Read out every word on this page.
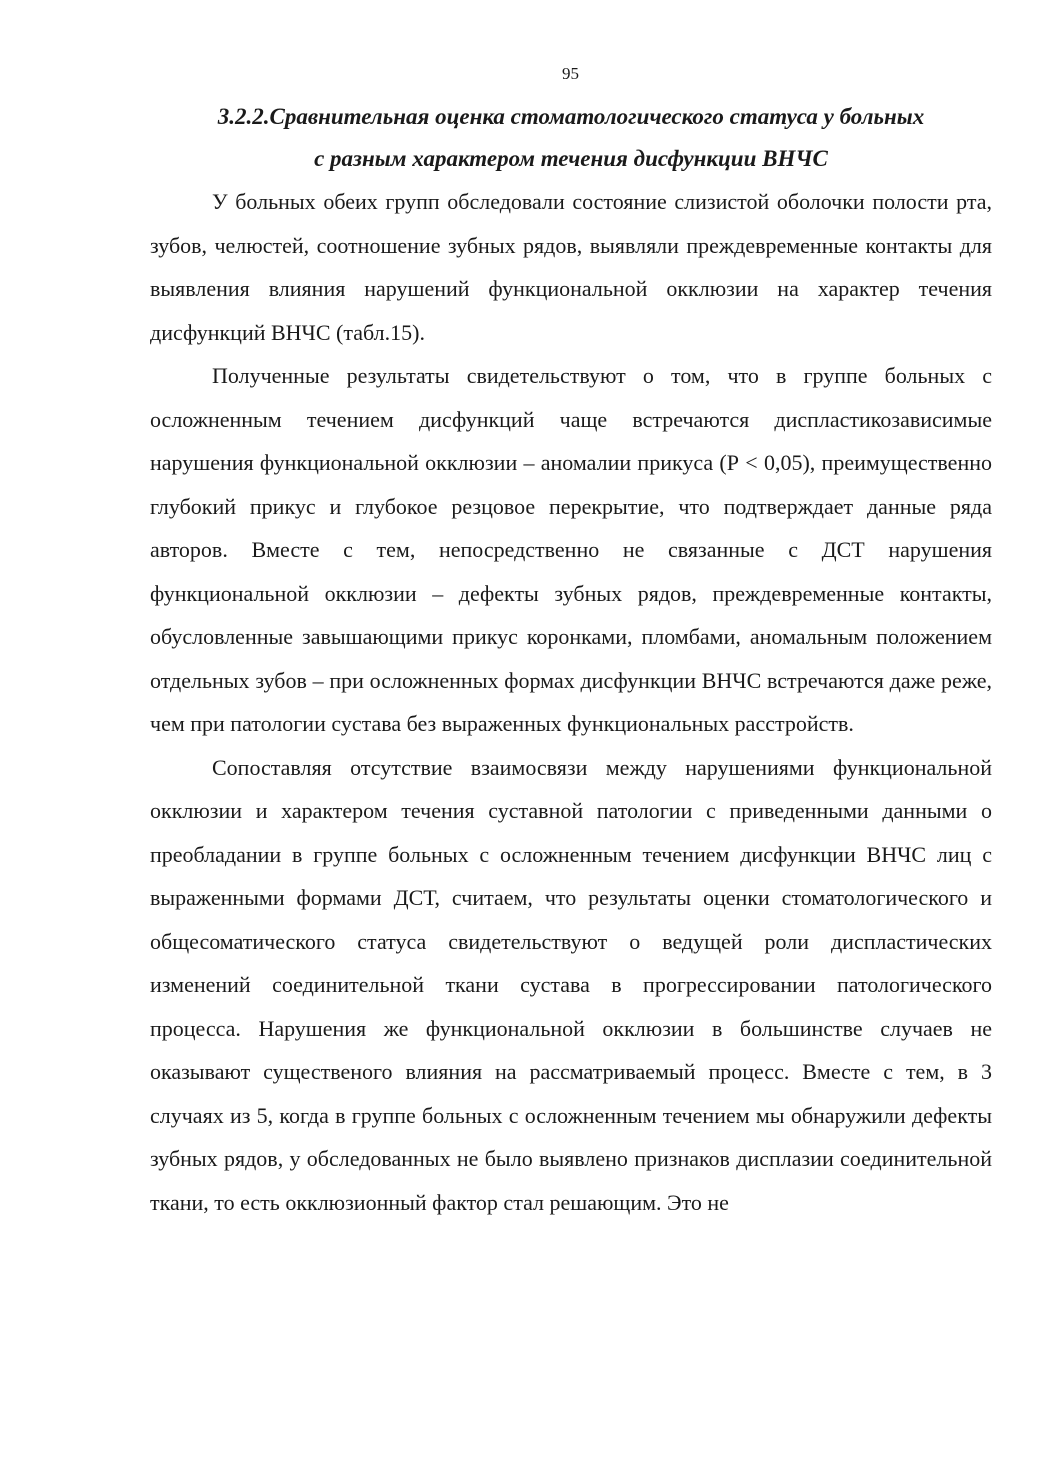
95
3.2.2.Сравнительная оценка стоматологического статуса у больных
с разным характером течения дисфункции ВНЧС

У больных обеих групп обследовали состояние слизистой оболочки полости рта, зубов, челюстей, соотношение зубных рядов, выявляли преждевременные контакты для выявления влияния нарушений функциональной окклюзии на характер течения дисфункций ВНЧС (табл.15).

Полученные результаты свидетельствуют о том, что в группе больных с осложненным течением дисфункций чаще встречаются диспластикозависимые нарушения функциональной окклюзии – аномалии прикуса (Р < 0,05), преимущественно глубокий прикус и глубокое резцовое перекрытие, что подтверждает данные ряда авторов. Вместе с тем, непосредственно не связанные с ДСТ нарушения функциональной окклюзии – дефекты зубных рядов, преждевременные контакты, обусловленные завышающими прикус коронками, пломбами, аномальным положением отдельных зубов – при осложненных формах дисфункции ВНЧС встречаются даже реже, чем при патологии сустава без выраженных функциональных расстройств.

Сопоставляя отсутствие взаимосвязи между нарушениями функциональной окклюзии и характером течения суставной патологии с приведенными данными о преобладании в группе больных с осложненным течением дисфункции ВНЧС лиц с выраженными формами ДСТ, считаем, что результаты оценки стоматологического и общесоматического статуса свидетельствуют о ведущей роли диспластических изменений соединительной ткани сустава в прогрессировании патологического процесса. Нарушения же функциональной окклюзии в большинстве случаев не оказывают существеного влияния на рассматриваемый процесс. Вместе с тем, в 3 случаях из 5, когда в группе больных с осложненным течением мы обнаружили дефекты зубных рядов, у обследованных не было выявлено признаков дисплазии соединительной ткани, то есть окклюзионный фактор стал решающим. Это не
